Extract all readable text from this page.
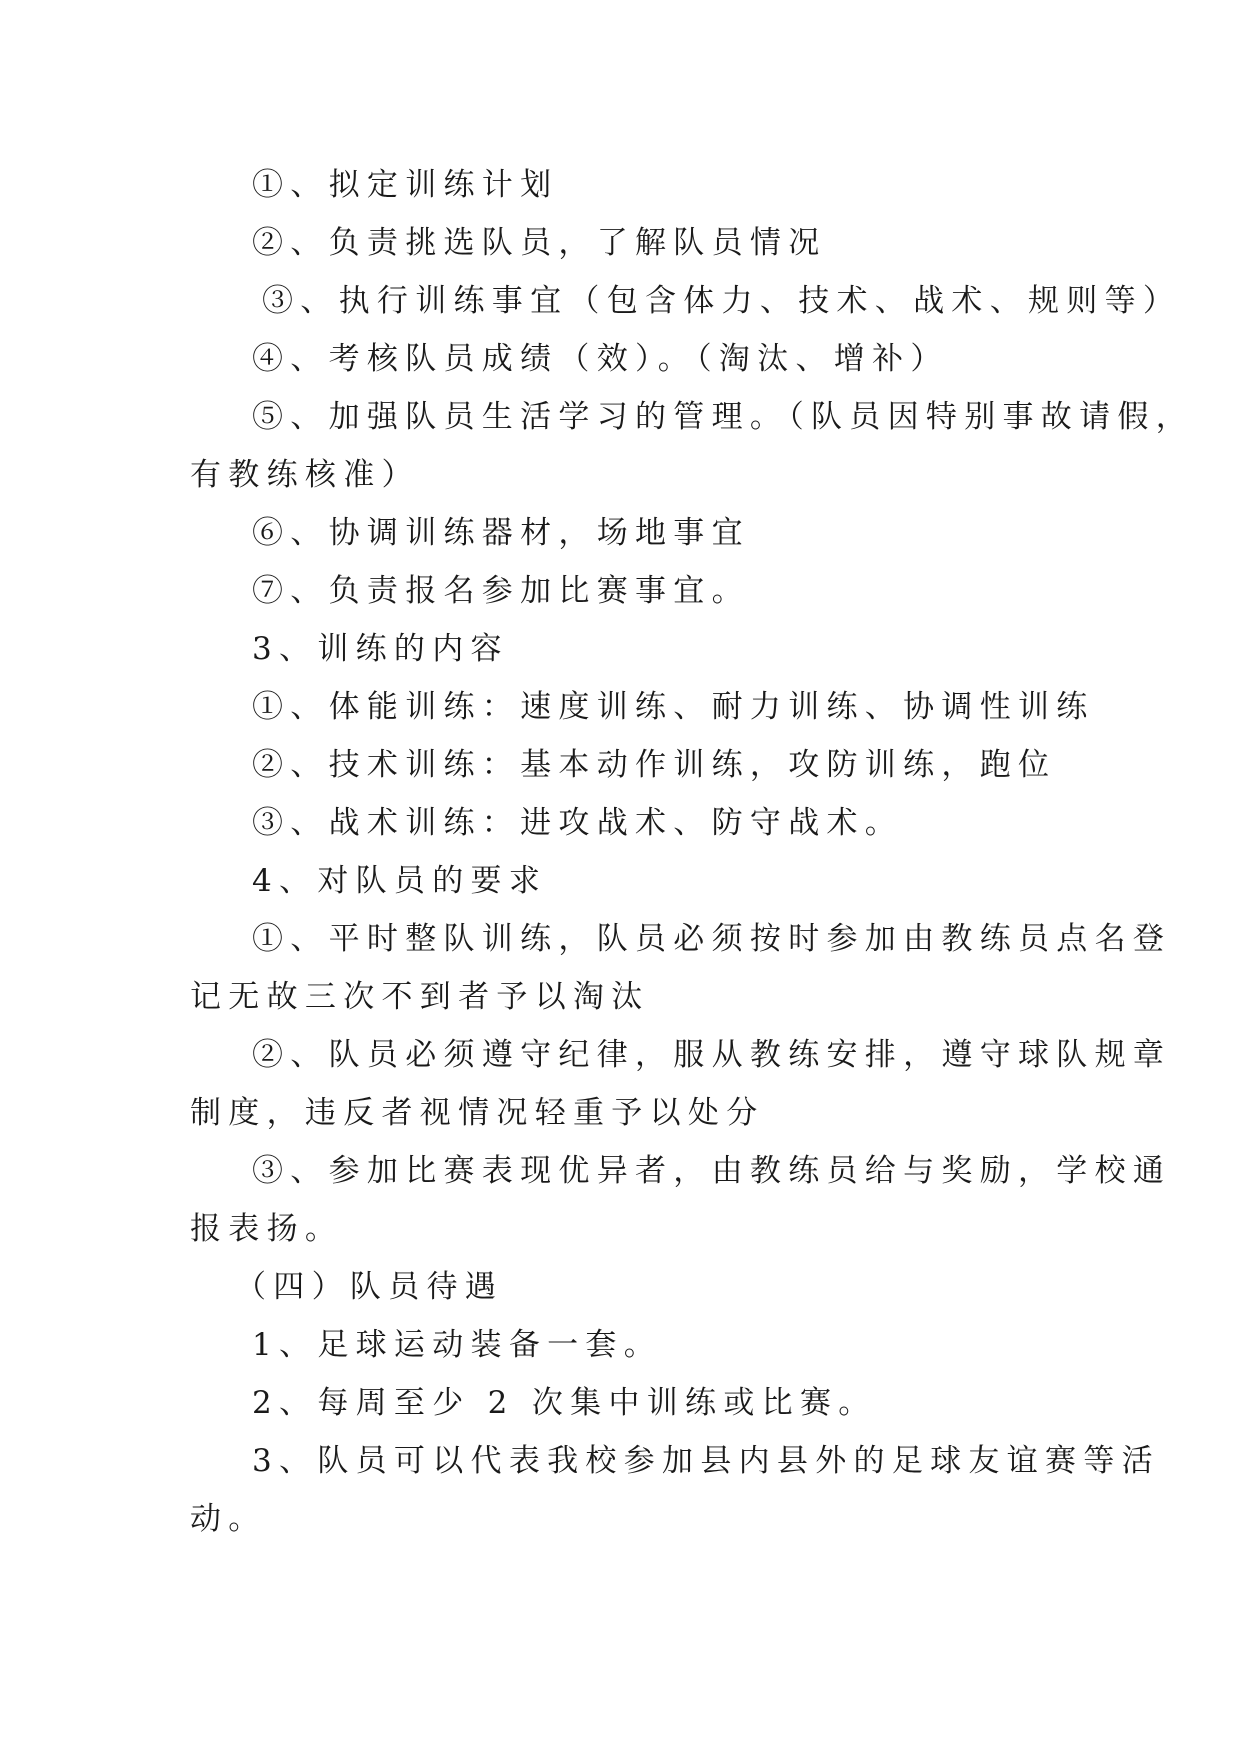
①、拟定训练计划
②、负责挑选队员，了解队员情况
③、执行训练事宜（包含体力、技术、战术、规则等）
④、考核队员成绩（效）。（淘汰、增补）
⑤、加强队员生活学习的管理。（队员因特别事故请假，
有教练核准）
⑥、协调训练器材，场地事宜
⑦、负责报名参加比赛事宜。
3、训练的内容
①、体能训练：速度训练、耐力训练、协调性训练
②、技术训练：基本动作训练，攻防训练，跑位
③、战术训练：进攻战术、防守战术。
4、对队员的要求
①、平时整队训练，队员必须按时参加由教练员点名登
记无故三次不到者予以淘汰
②、队员必须遵守纪律，服从教练安排，遵守球队规章
制度，违反者视情况轻重予以处分
③、参加比赛表现优异者，由教练员给与奖励，学校通
报表扬。
（四）队员待遇
1、足球运动装备一套。
2、每周至少 2 次集中训练或比赛。
3、队员可以代表我校参加县内县外的足球友谊赛等活
动。
